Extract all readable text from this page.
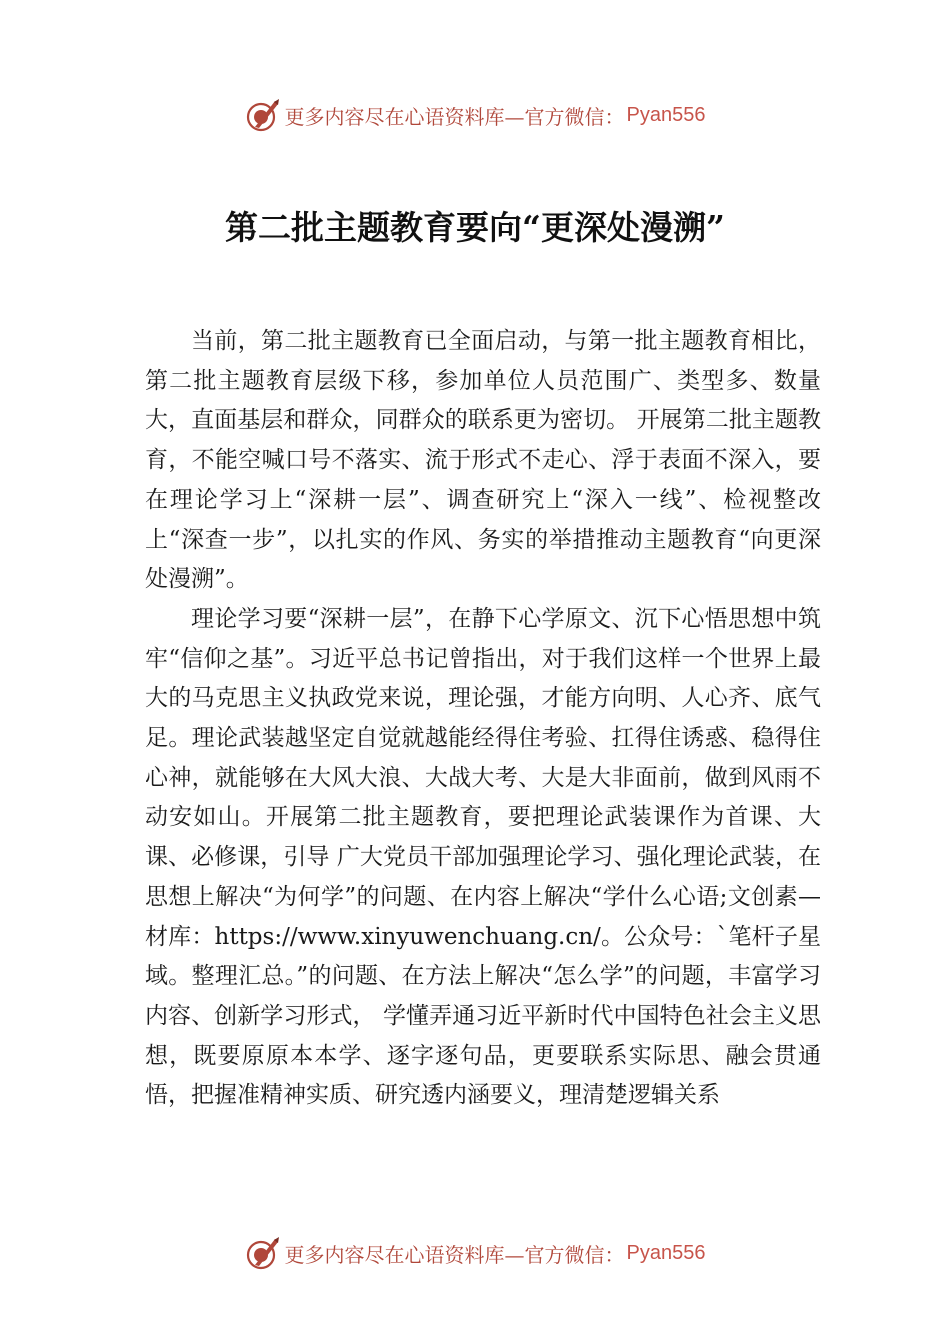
更多内容尽在心语资料库—官方微信： Pyan556
第二批主题教育要向“更深处漫溯”

当前，第二批主题教育已全面启动，与第一批主题教育相比，第二批主题教育层级下移，参加单位人员范围广、类型多、数量大，直面基层和群众，同群众的联系更为密切。 开展第二批主题教育，不能空喊口号不落实、流于形式不走心、浮于表面不深入，要在理论学习上“深耕一层”、调查研究上“深入一线”、检视整改上“深查一步”，以扎实的作风、务实的举措推动主题教育“向更深处漫溯”。

理论学习要“深耕一层”，在静下心学原文、沉下心悟思想中筑牢“信仰之基”。习近平总书记曾指出，对于我们这样一个世界上最大的马克思主义执政党来说，理论强，才能方向明、人心齐、底气足。理论武装越坚定自觉就越能经得住考验、扛得住诱惑、稳得住心神，就能够在大风大浪、大战大考、大是大非面前，做到风雨不动安如山。开展第二批主题教育，要把理论武装课作为首课、大课、必修课，引导 广大党员干部加强理论学习、强化理论武装，在思想上解决“为何学”的问题、在内容上解决“学什么心语;文创素—材库：https://www.xinyuwenchuang.cn/。公众号：`笔杆子星域。整理汇总。”的问题、在方法上解决“怎么学”的问题，丰富学习内容、创新学习形式， 学懂弄通习近平新时代中国特色社会主义思想，既要原原本本学、逐字逐句品，更要联系实际思、融会贯通悟，把握准精神实质、研究透内涵要义，理清楚逻辑关系

更多内容尽在心语资料库—官方微信： Pyan556
